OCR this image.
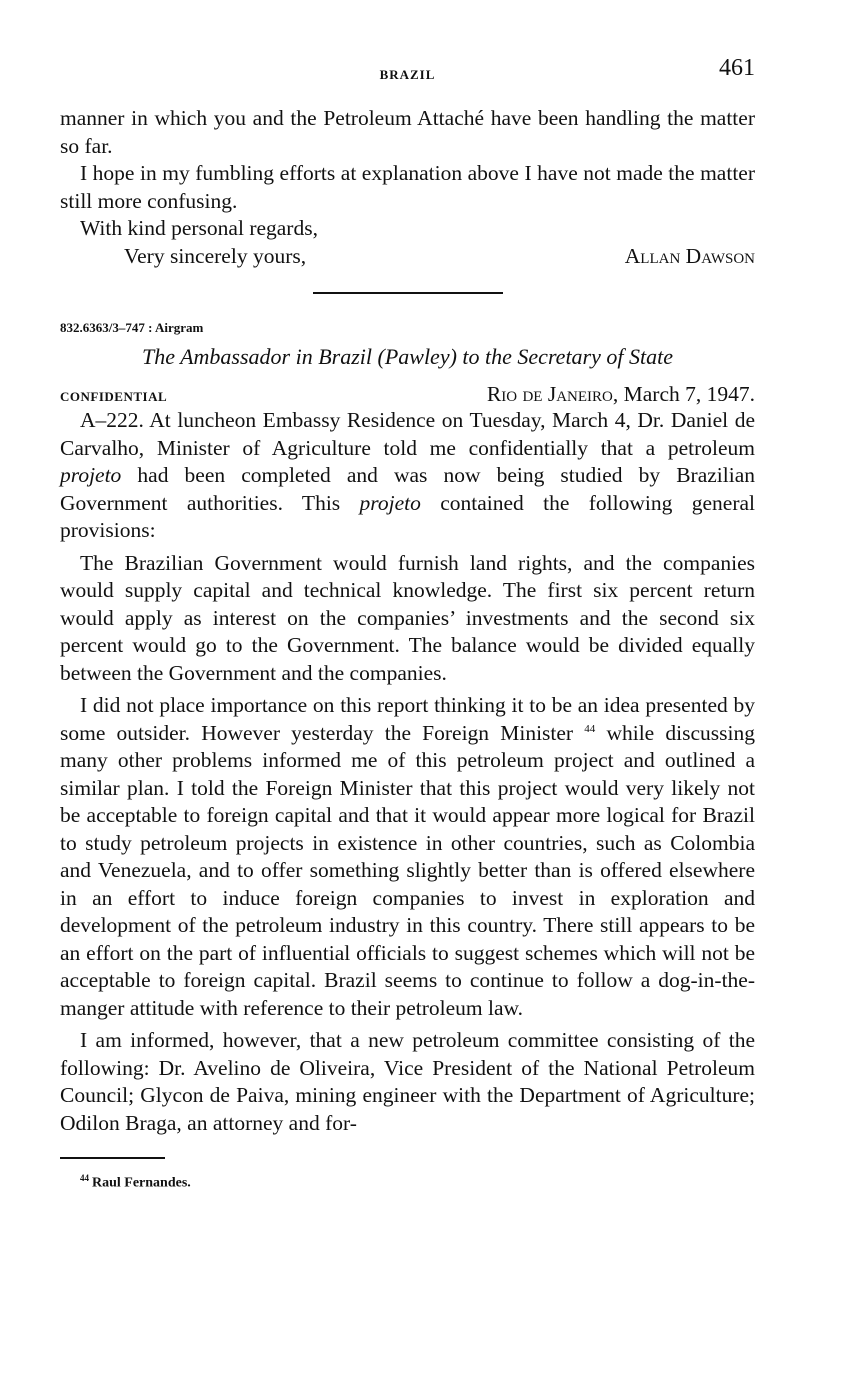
BRAZIL	461

manner in which you and the Petroleum Attaché have been handling the matter so far.

I hope in my fumbling efforts at explanation above I have not made the matter still more confusing.

With kind personal regards,

Very sincerely yours,	Allan Dawson
832.6363/3–747 : Airgram
The Ambassador in Brazil (Pawley) to the Secretary of State
CONFIDENTIAL	Rio de Janeiro, March 7, 1947.

A–222. At luncheon Embassy Residence on Tuesday, March 4, Dr. Daniel de Carvalho, Minister of Agriculture told me confidentially that a petroleum projeto had been completed and was now being studied by Brazilian Government authorities. This projeto contained the following general provisions:

The Brazilian Government would furnish land rights, and the companies would supply capital and technical knowledge. The first six percent return would apply as interest on the companies’ investments and the second six percent would go to the Government. The balance would be divided equally between the Government and the companies.

I did not place importance on this report thinking it to be an idea presented by some outsider. However yesterday the Foreign Minister $^{44}$ while discussing many other problems informed me of this petroleum project and outlined a similar plan. I told the Foreign Minister that this project would very likely not be acceptable to foreign capital and that it would appear more logical for Brazil to study petroleum projects in existence in other countries, such as Colombia and Venezuela, and to offer something slightly better than is offered elsewhere in an effort to induce foreign companies to invest in exploration and development of the petroleum industry in this country. There still appears to be an effort on the part of influential officials to suggest schemes which will not be acceptable to foreign capital. Brazil seems to continue to follow a dog-in-the-manger attitude with reference to their petroleum law.

I am informed, however, that a new petroleum committee consisting of the following: Dr. Avelino de Oliveira, Vice President of the National Petroleum Council; Glycon de Paiva, mining engineer with the Department of Agriculture; Odilon Braga, an attorney and for-

$^{44}$ Raul Fernandes.
